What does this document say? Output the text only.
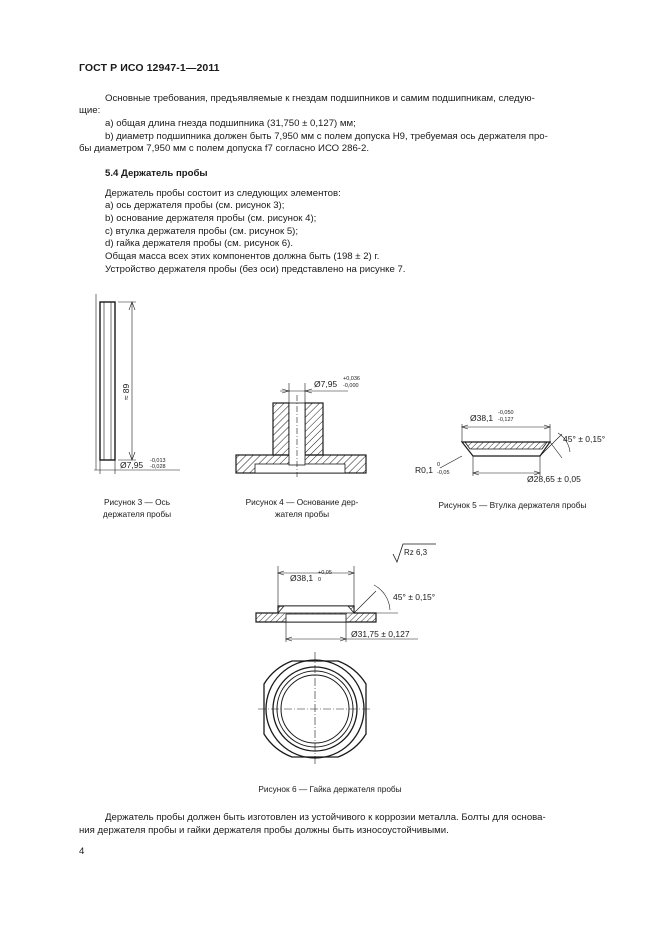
ГОСТ Р ИСО 12947-1—2011
Основные требования, предъявляемые к гнездам подшипников и самим подшипникам, следую-
щие:
a) общая длина гнезда подшипника (31,750 ± 0,127) мм;
b) диаметр подшипника должен быть 7,950 мм с полем допуска H9, требуемая ось держателя про-
бы диаметром 7,950 мм с полем допуска f7 согласно ИСО 286-2.
5.4 Держатель пробы
Держатель пробы состоит из следующих элементов:
a) ось держателя пробы (см. рисунок 3);
b) основание держателя пробы (см. рисунок 4);
c) втулка держателя пробы (см. рисунок 5);
d) гайка держателя пробы (см. рисунок 6).
Общая масса всех этих компонентов должна быть (198 ± 2) г.
Устройство держателя пробы (без оси) представлено на рисунке 7.
≈ 89
Ø7,95 -0,013
-0,028
Рисунок 3 — Ось
держателя пробы
Ø7,95 +0,036
-0,000
Рисунок 4 — Основание дер-
жателя пробы
Ø38,1 -0,050
-0,127
45° ± 0,15°
R0,1 0
-0,05
Ø28,65 ± 0,05
Рисунок 5 — Втулка держателя пробы
Rz 6,3
Ø38,1 +0,05
0
45° ± 0,15°
Ø31,75 ± 0,127
Рисунок 6 — Гайка держателя пробы
Держатель пробы должен быть изготовлен из устойчивого к коррозии металла. Болты для основа-
ния держателя пробы и гайки держателя пробы должны быть износоустойчивыми.
4
